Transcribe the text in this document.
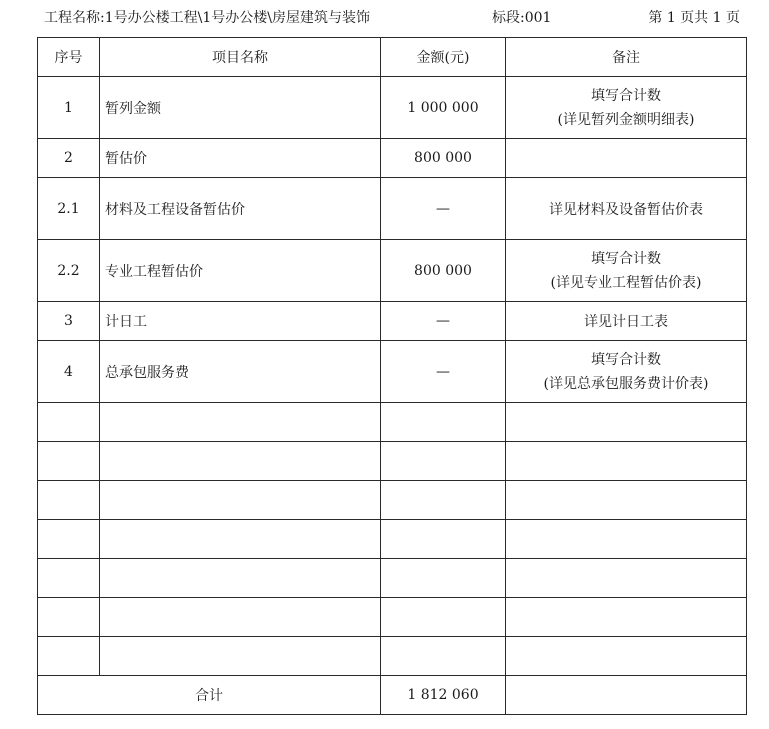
工程名称:1号办公楼工程\1号办公楼\房屋建筑与装饰	标段:001	第 1 页共 1 页
序号	项目名称	金额(元)	备注
1	暂列金额	1 000 000	填写合计数
(详见暂列金额明细表)

2	暂估价	800 000	
2.1	材料及工程设备暂估价	—	详见材料及设备暂估价表
2.2	专业工程暂估价	800 000	填写合计数
(详见专业工程暂估价表)

3	计日工	—	详见计日工表
4	总承包服务费	—	填写合计数
(详见总承包服务费计价表)

合计		1 812 060	
